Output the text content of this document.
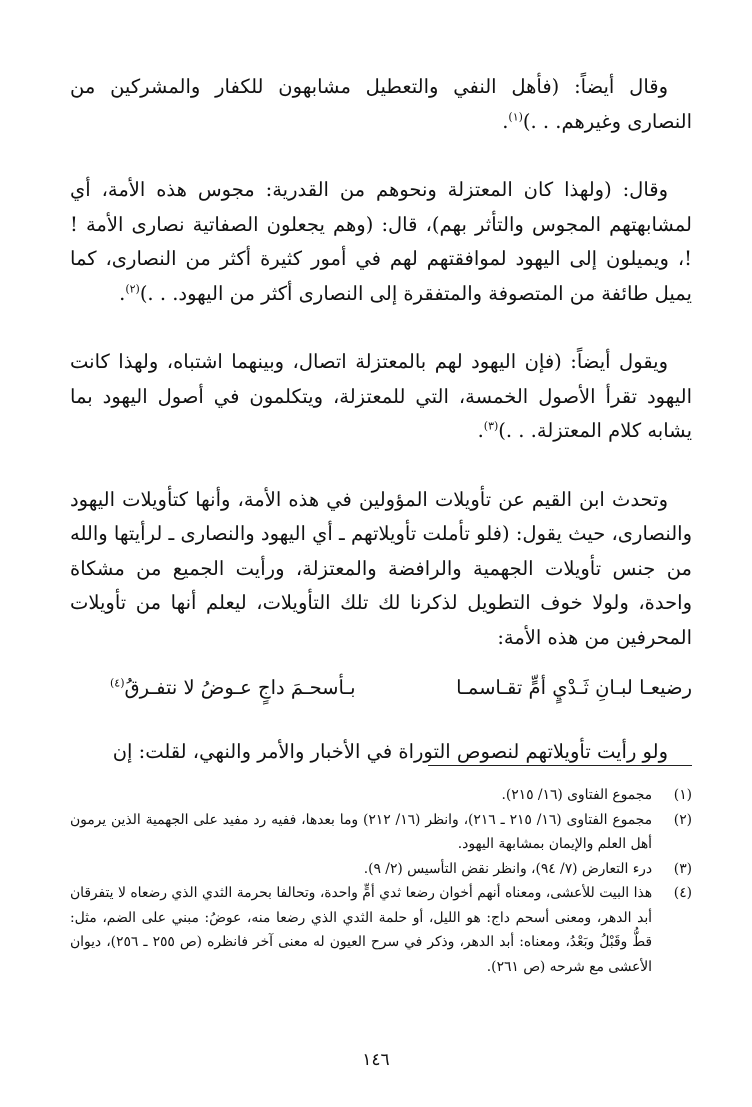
وقال أيضاً: (فأهل النفي والتعطيل مشابهون للكفار والمشركين من النصارى وغيرهم. . .)$^{(١)}$.

وقال: (ولهذا كان المعتزلة ونحوهم من القدرية: مجوس هذه الأمة، أي لمشابهتهم المجوس والتأثر بهم)، قال: (وهم يجعلون الصفاتية نصارى الأمة ! !، ويميلون إلى اليهود لموافقتهم لهم في أمور كثيرة أكثر من النصارى، كما يميل طائفة من المتصوفة والمتفقرة إلى النصارى أكثر من اليهود. . .)$^{(٢)}$.

ويقول أيضاً: (فإن اليهود لهم بالمعتزلة اتصال، وبينهما اشتباه، ولهذا كانت اليهود تقرأ الأصول الخمسة، التي للمعتزلة، ويتكلمون في أصول اليهود بما يشابه كلام المعتزلة. . .)$^{(٣)}$.

وتحدث ابن القيم عن تأويلات المؤولين في هذه الأمة، وأنها كتأويلات اليهود والنصارى، حيث يقول: (فلو تأملت تأويلاتهم ـ أي اليهود والنصارى ـ لرأيتها والله من جنس تأويلات الجهمية والرافضة والمعتزلة، ورأيت الجميع من مشكاة واحدة، ولولا خوف التطويل لذكرنا لك تلك التأويلات، ليعلم أنها من تأويلات المحرفين من هذه الأمة:

رضيعـا لبـانِ ثَـدْيٍ أمٍّ تقـاسمـا
بـأسحـمَ داجٍ عـوضُ لا نتفـرقُ$^{(٤)}$

ولو رأيت تأويلاتهم لنصوص التوراة في الأخبار والأمر والنهي، لقلت: إن

(١)
مجموع الفتاوى (١٦/ ٢١٥).
(٢)
مجموع الفتاوى (١٦/ ٢١٥ ـ ٢١٦)، وانظر (١٦/ ٢١٢) وما بعدها، ففيه رد مفيد على الجهمية الذين يرمون أهل العلم والإيمان بمشابهة اليهود.
(٣)
درء التعارض (٧/ ٩٤)، وانظر نقض التأسيس (٢/ ٩).
(٤)
هذا البيت للأعشى، ومعناه أنهم أخوان رضعا ثدي أمٍّ واحدة، وتحالفا بحرمة الثدي الذي رضعاه لا يتفرقان أبد الدهر، ومعنى أسحم داج: هو الليل، أو حلمة الثدي الذي رضعا منه، عوضُ: مبني على الضم، مثل: قطُّ وقَبْلُ وبَعْدُ، ومعناه: أبد الدهر، وذكر في سرح العيون له معنى آخر فانظره (ص ٢٥٥ ـ ٢٥٦)، ديوان الأعشى مع شرحه (ص ٢٦١).
١٤٦
